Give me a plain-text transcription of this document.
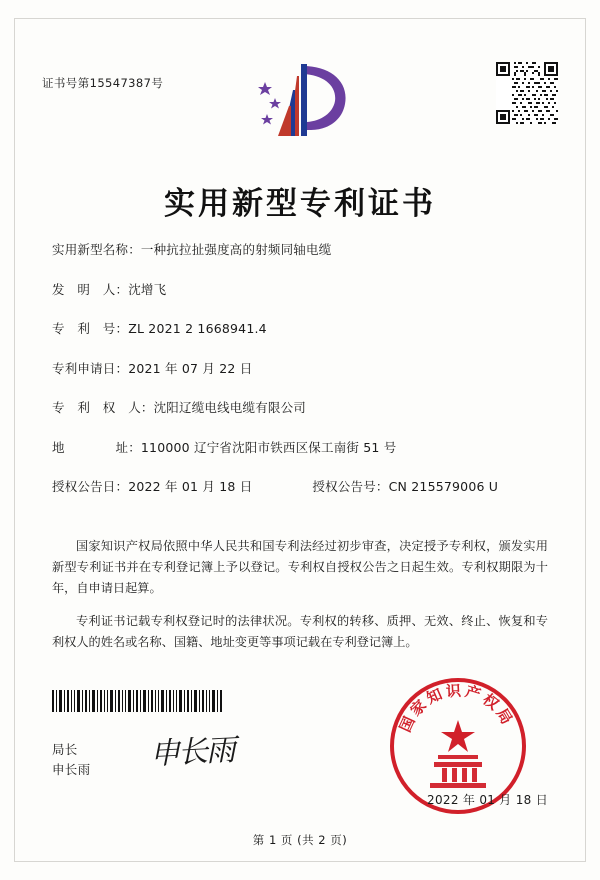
证书号第15547387号
实用新型专利证书
实用新型名称： 一种抗拉扯强度高的射频同轴电缆
发　明　人： 沈增飞
专　利　号： ZL 2021 2 1668941.4
专利申请日： 2021 年 07 月 22 日
专　利　权　人： 沈阳辽缆电线电缆有限公司
地　　　　址： 110000 辽宁省沈阳市铁西区保工南街 51 号
授权公告日： 2022 年 01 月 18 日	授权公告号： CN 215579006 U

国家知识产权局依照中华人民共和国专利法经过初步审查，决定授予专利权，颁发实用新型专利证书并在专利登记簿上予以登记。专利权自授权公告之日起生效。专利权期限为十年，自申请日起算。

专利证书记载专利权登记时的法律状况。专利权的转移、质押、无效、终止、恢复和专利权人的姓名或名称、国籍、地址变更等事项记载在专利登记簿上。

国家知识产权局
局长
申长雨 申长雨
2022 年 01 月 18 日
第 1 页 (共 2 页)
